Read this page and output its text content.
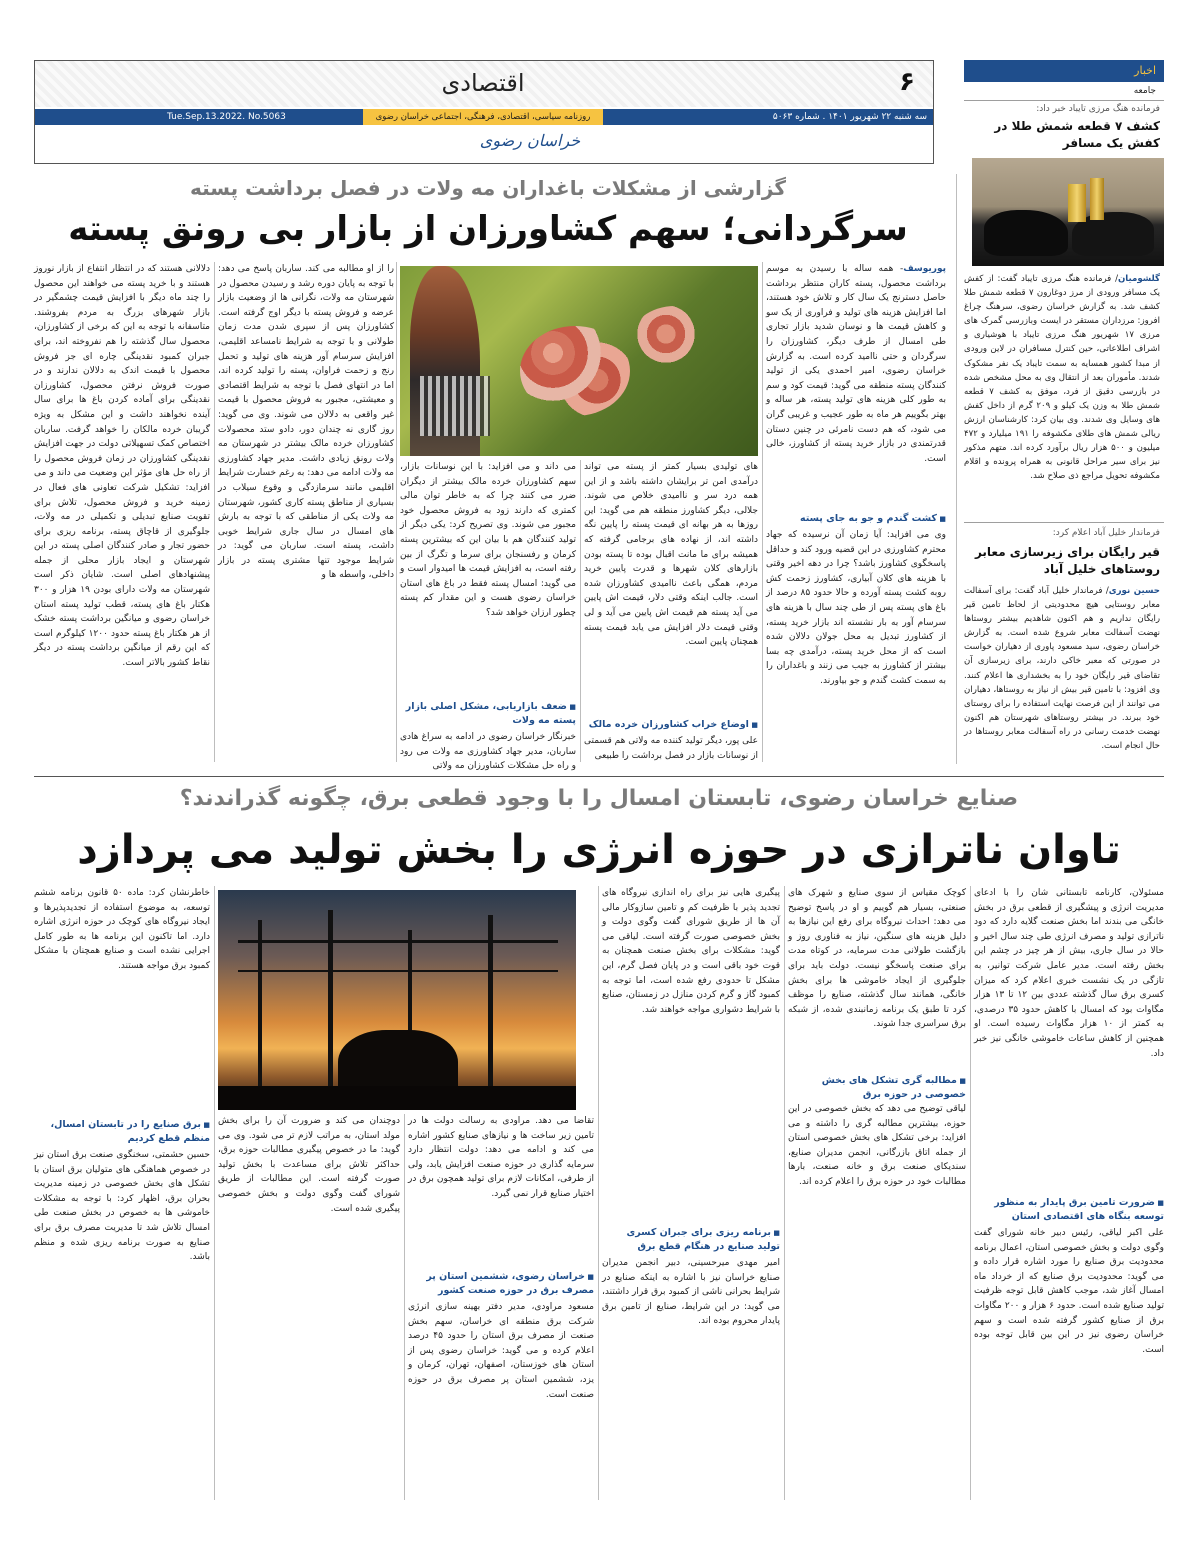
۶
اقتصادی
سه شنبه ۲۲ شهریور ۱۴۰۱ . شماره ۵۰۶۳
روزنامه سیاسی، اقتصادی، فرهنگی، اجتماعی خراسان رضوی
Tue.Sep.13.2022. No.5063
خراسان رضوی
اخبار
جامعه
فرمانده هنگ مرزی تایباد خبر داد:
کشف ۷ قطعه شمش طلا در کفش یک مسافر
گلشومیان/ فرمانده هنگ مرزی تایباد گفت: از کفش یک مسافر ورودی از مرز دوغارون ۷ قطعه شمش طلا کشف شد. به گزارش خراسان رضوی، سرهنگ چراغ افروز: مرزداران مستقر در ایست وبازرسی گمرک های مرزی ۱۷ شهریور هنگ مرزی تایباد با هوشیاری و اشراف اطلاعاتی، حین کنترل مسافران در لاین ورودی از مبدا کشور همسایه به سمت تایباد یک نفر مشکوک شدند. مأموران بعد از انتقال وی به محل مشخص شده در بازرسی دقیق از فرد، موفق به کشف ۷ قطعه شمش طلا به وزن یک کیلو و ۲۰۹ گرم از داخل کفش های وسایل وی شدند. وی بیان کرد: کارشناسان ارزش ریالی شمش های طلای مکشوفه را ۱۹۱ میلیارد و ۴۷۲ میلیون و ۵۰۰ هزار ریال برآورد کرده اند. متهم مذکور نیز برای سیر مراحل قانونی به همراه پرونده و اقلام مکشوفه تحویل مراجع ذی صلاح شد.
فرماندار خلیل آباد اعلام کرد:
قیر رایگان برای زیرسازی معابر روستاهای خلیل آباد
حسین نوری/ فرماندار خلیل آباد گفت: برای آسفالت معابر روستایی هیچ محدودیتی از لحاظ تامین قیر رایگان نداریم و هم اکنون شاهدیم بیشتر روستاها نهضت آسفالت معابر شروع شده است. به گزارش خراسان رضوی، سید مسعود پاوری از دهیاران خواست در صورتی که معبر خاکی دارند، برای زیرسازی آن تقاضای قیر رایگان خود را به بخشداری ها اعلام کنند. وی افزود: با تامین قیر بیش از نیاز به روستاها، دهیاران می توانند از این فرصت نهایت استفاده را برای روستای خود ببرند. در بیشتر روستاهای شهرستان هم اکنون نهضت خدمت رسانی در راه آسفالت معابر روستاها در حال انجام است.
گزارشی از مشکلات باغداران مه ولات در فصل برداشت پسته
سرگردانی؛ سهم کشاورزان از بازار بی رونق پسته
پوریوسف- همه ساله با رسیدن به موسم برداشت محصول، پسته کاران منتظر برداشت حاصل دسترنج یک سال کار و تلاش خود هستند، اما افزایش هزینه های تولید و فراوری از یک سو و کاهش قیمت ها و نوسان شدید بازار تجاری طی امسال از طرف دیگر، کشاورزان را سرگردان و حتی ناامید کرده است. به گزارش خراسان رضوی، امیر احمدی یکی از تولید کنندگان پسته منطقه می گوید: قیمت کود و سم به طور کلی هزینه های تولید پسته، هر ساله و بهتر بگوییم هر ماه به طور عجیب و غریبی گران می شود، که هم دست نامرئی در چنین دستان قدرتمندی در بازار خرید پسته از کشاورز، خالی است.
■ کشت گندم و جو به جای پسته
وی می افزاید: آیا زمان آن نرسیده که جهاد محترم کشاورزی در این قضیه ورود کند و حداقل پاسخگوی کشاورز باشد؟ چرا در دهه اخیر وقتی با هزینه های کلان آبیاری، کشاورز زحمت کش روبه کشت پسته آورده و حالا حدود ۸۵ درصد از باغ های پسته پس از طی چند سال با هزینه های سرسام آور به بار نشسته اند بازار خرید پسته، از کشاورز تبدیل به محل جولان دلالان شده است که از محل خرید پسته، درآمدی چه بسا بیشتر از کشاورز به جیب می زنند و باغداران را به سمت کشت گندم و جو بیاورند.
های تولیدی بسیار کمتر از پسته می تواند درآمدی امن تر برایشان داشته باشد و از این همه درد سر و ناامیدی خلاص می شوند. جلالی، دیگر کشاورز منطقه هم می گوید: این روزها به هر بهانه ای قیمت پسته را پایین نگه داشته اند، از نهاده های برجامی گرفته که همیشه برای ما مانت اقبال بوده تا پسته بودن بازارهای کلان شهرها و قدرت پایین خرید مردم، همگی باعث ناامیدی کشاورزان شده است. جالب اینکه وقتی دلار، قیمت اش پایین می آید پسته هم قیمت اش پایین می آید و لی وقتی قیمت دلار افزایش می یابد قیمت پسته همچنان پایین است.
■ اوضاع خراب کشاورزان خرده مالک
علی پور، دیگر تولید کننده مه ولاتی هم قسمتی از نوسانات بازار در فصل برداشت را طبیعی
می داند و می افزاید: با این نوسانات بازار، سهم کشاورزان خرده مالک بیشتر از دیگران ضرر می کنند چرا که به خاطر توان مالی کمتری که دارند زود به فروش محصول خود مجبور می شوند. وی تصریح کرد: یکی دیگر از تولید کنندگان هم با بیان این که بیشترین پسته کرمان و رفسنجان برای سرما و تگرگ از بین رفته است، به افزایش قیمت ها امیدوار است و می گوید: امسال پسته فقط در باغ های استان خراسان رضوی هست و این مقدار کم پسته چطور ارزان خواهد شد؟
■ ضعف بازاریابی، مشکل اصلی بازار پسته مه ولات
خبرنگار خراسان رضوی در ادامه به سراغ هادی ساربان، مدیر جهاد کشاورزی مه ولات می رود و راه حل مشکلات کشاورزان مه ولاتی
را از او مطالبه می کند. ساربان پاسخ می دهد: با توجه به پایان دوره رشد و رسیدن محصول در شهرستان مه ولات، نگرانی ها از وضعیت بازار عرضه و فروش پسته با دیگر اوج گرفته است. کشاورزان پس از سپری شدن مدت زمان طولانی و با توجه به شرایط نامساعد اقلیمی، افزایش سرسام آور هزینه های تولید و تحمل رنج و زحمت فراوان، پسته را تولید کرده اند، اما در انتهای فصل با توجه به شرایط اقتصادی و معیشتی، مجبور به فروش محصول با قیمت غیر واقعی به دلالان می شوند. وی می گوید: روز گاری نه چندان دور، دادو ستد محصولات کشاورزان خرده مالک بیشتر در شهرستان مه ولات رونق زیادی داشت. مدیر جهاد کشاورزی مه ولات ادامه می دهد: به رغم خسارت شرایط اقلیمی مانند سرمازدگی و وقوع سیلاب در بسیاری از مناطق پسته کاری کشور، شهرستان مه ولات یکی از مناطقی که با توجه به بارش های امسال در سال جاری شرایط خوبی داشت، پسته است. ساربان می گوید: در شرایط موجود تنها مشتری پسته در بازار داخلی، واسطه ها و
دلالانی هستند که در انتظار انتفاع از بازار نوروز هستند و با خرید پسته می خواهند این محصول را چند ماه دیگر با افزایش قیمت چشمگیر در بازار شهرهای بزرگ به مردم بفروشند. متاسفانه با توجه به این که برخی از کشاورزان، محصول سال گذشته را هم نفروخته اند، برای جبران کمبود نقدینگی چاره ای جز فروش محصول با قیمت اندک به دلالان ندارند و در صورت فروش نرفتن محصول، کشاورزان نقدینگی برای آماده کردن باغ ها برای سال آینده نخواهند داشت و این مشکل به ویژه گریبان خرده مالکان را خواهد گرفت. ساربان اختصاص کمک تسهیلاتی دولت در جهت افزایش نقدینگی کشاورزان در زمان فروش محصول را از راه حل های مؤثر این وضعیت می داند و می افزاید: تشکیل شرکت تعاونی های فعال در زمینه خرید و فروش محصول، تلاش برای تقویت صنایع تبدیلی و تکمیلی در مه ولات، جلوگیری از قاچاق پسته، برنامه ریزی برای حضور تجار و صادر کنندگان اصلی پسته در این شهرستان و ایجاد بازار محلی از جمله پیشنهادهای اصلی است. شایان ذکر است شهرستان مه ولات دارای بودن ۱۹ هزار و ۳۰۰ هکتار باغ های پسته، قطب تولید پسته استان خراسان رضوی و میانگین برداشت پسته خشک از هر هکتار باغ پسته حدود ۱۲۰۰ کیلوگرم است که این رقم از میانگین برداشت پسته در دیگر نقاط کشور بالاتر است.
صنایع خراسان رضوی، تابستان امسال را با وجود قطعی برق، چگونه گذراندند؟
تاوان ناترازی در حوزه انرژی را بخش تولید می پردازد
مسئولان، کارنامه تابستانی شان را با ادعای مدیریت انرژی و پیشگیری از قطعی برق در بخش خانگی می بندند اما بخش صنعت گلایه دارد که دود ناترازی تولید و مصرف انرژی طی چند سال اخیر و حالا در سال جاری، بیش از هر چیز در چشم این بخش رفته است. مدیر عامل شرکت توانیر، به تازگی در یک نشست خبری اعلام کرد که میزان کسری برق سال گذشته عددی بین ۱۲ تا ۱۳ هزار مگاوات بود که امسال با کاهش حدود ۳۵ درصدی، به کمتر از ۱۰ هزار مگاوات رسیده است. او همچنین از کاهش ساعات خاموشی خانگی نیز خبر داد.
■ ضرورت تامین برق پایدار به منظور توسعه بنگاه های اقتصادی استان
علی اکبر لیاقی، رئیس دبیر خانه شورای گفت وگوی دولت و بخش خصوصی استان، اعمال برنامه محدودیت برق صنایع را مورد اشاره قرار داده و می گوید: محدودیت برق صنایع که از خرداد ماه امسال آغاز شد، موجب کاهش قابل توجه ظرفیت تولید صنایع شده است. حدود ۶ هزار و ۲۰۰ مگاوات برق از صنایع کشور گرفته شده است و سهم خراسان رضوی نیز در این بین قابل توجه بوده است.
کوچک مقیاس از سوی صنایع و شهرک های صنعتی، بسیار هم گوییم و او در پاسخ توضیح می دهد: احداث نیروگاه برای رفع این نیازها به دلیل هزینه های سنگین، نیاز به فناوری روز و بازگشت طولانی مدت سرمایه، در کوتاه مدت برای صنعت پاسخگو نیست. دولت باید برای جلوگیری از ایجاد خاموشی ها برای بخش خانگی، همانند سال گذشته، صنایع را موظف کرد تا طبق یک برنامه زمانبندی شده، از شبکه برق سراسری جدا شوند.
■ مطالبه گری تشکل های بخش خصوصی در حوزه برق
لیاقی توضیح می دهد که بخش خصوصی در این حوزه، بیشترین مطالبه گری را داشته و می افزاید: برخی تشکل های بخش خصوصی استان از جمله اتاق بازرگانی، انجمن مدیران صنایع، سندیکای صنعت برق و خانه صنعت، بارها مطالبات خود در حوزه برق را اعلام کرده اند.
پیگیری هایی نیز برای راه اندازی نیروگاه های تجدید پذیر با ظرفیت کم و تامین سازوکار مالی آن ها از طریق شورای گفت وگوی دولت و بخش خصوصی صورت گرفته است. لیاقی می گوید: مشکلات برای بخش صنعت همچنان به قوت خود باقی است و در پایان فصل گرم، این مشکل تا حدودی رفع شده است، اما توجه به کمبود گاز و گرم کردن منازل در زمستان، صنایع با شرایط دشواری مواجه خواهند شد.
■ برنامه ریزی برای جبران کسری تولید صنایع در هنگام قطع برق
امیر مهدی میرحسینی، دبیر انجمن مدیران صنایع خراسان نیز با اشاره به اینکه صنایع در شرایط بحرانی ناشی از کمبود برق قرار داشتند، می گوید: در این شرایط، صنایع از تامین برق پایدار محروم بوده اند.
تقاضا می دهد. مراودی به رسالت دولت ها در تامین زیر ساخت ها و نیازهای صنایع کشور اشاره می کند و ادامه می دهد: دولت انتظار دارد سرمایه گذاری در حوزه صنعت افزایش یابد، ولی از طرفی، امکانات لازم برای تولید همچون برق در اختیار صنایع قرار نمی گیرد.
■ خراسان رضوی، ششمین استان پر مصرف برق در حوزه صنعت کشور
مسعود مراودی، مدیر دفتر بهینه سازی انرژی شرکت برق منطقه ای خراسان، سهم بخش صنعت از مصرف برق استان را حدود ۴۵ درصد اعلام کرده و می گوید: خراسان رضوی پس از استان های خوزستان، اصفهان، تهران، کرمان و یزد، ششمین استان پر مصرف برق در حوزه صنعت است.
دوچندان می کند و ضرورت آن را برای بخش مولد استان، به مراتب لازم تر می شود. وی می گوید: ما در خصوص پیگیری مطالبات حوزه برق، حداکثر تلاش برای مساعدت با بخش تولید صورت گرفته است. این مطالبات از طریق شورای گفت وگوی دولت و بخش خصوصی پیگیری شده است.
خاطرنشان کرد: ماده ۵۰ قانون برنامه ششم توسعه، به موضوع استفاده از تجدیدپذیرها و ایجاد نیروگاه های کوچک در حوزه انرژی اشاره دارد. اما تاکنون این برنامه ها به طور کامل اجرایی نشده است و صنایع همچنان با مشکل کمبود برق مواجه هستند.
■ برق صنایع را در تابستان امسال، منظم قطع کردیم
حسین حشمتی، سخنگوی صنعت برق استان نیز در خصوص هماهنگی های متولیان برق استان با تشکل های بخش خصوصی در زمینه مدیریت بحران برق، اظهار کرد: با توجه به مشکلات خاموشی ها به خصوص در بخش صنعت طی امسال تلاش شد تا مدیریت مصرف برق برای صنایع به صورت برنامه ریزی شده و منظم باشد.
